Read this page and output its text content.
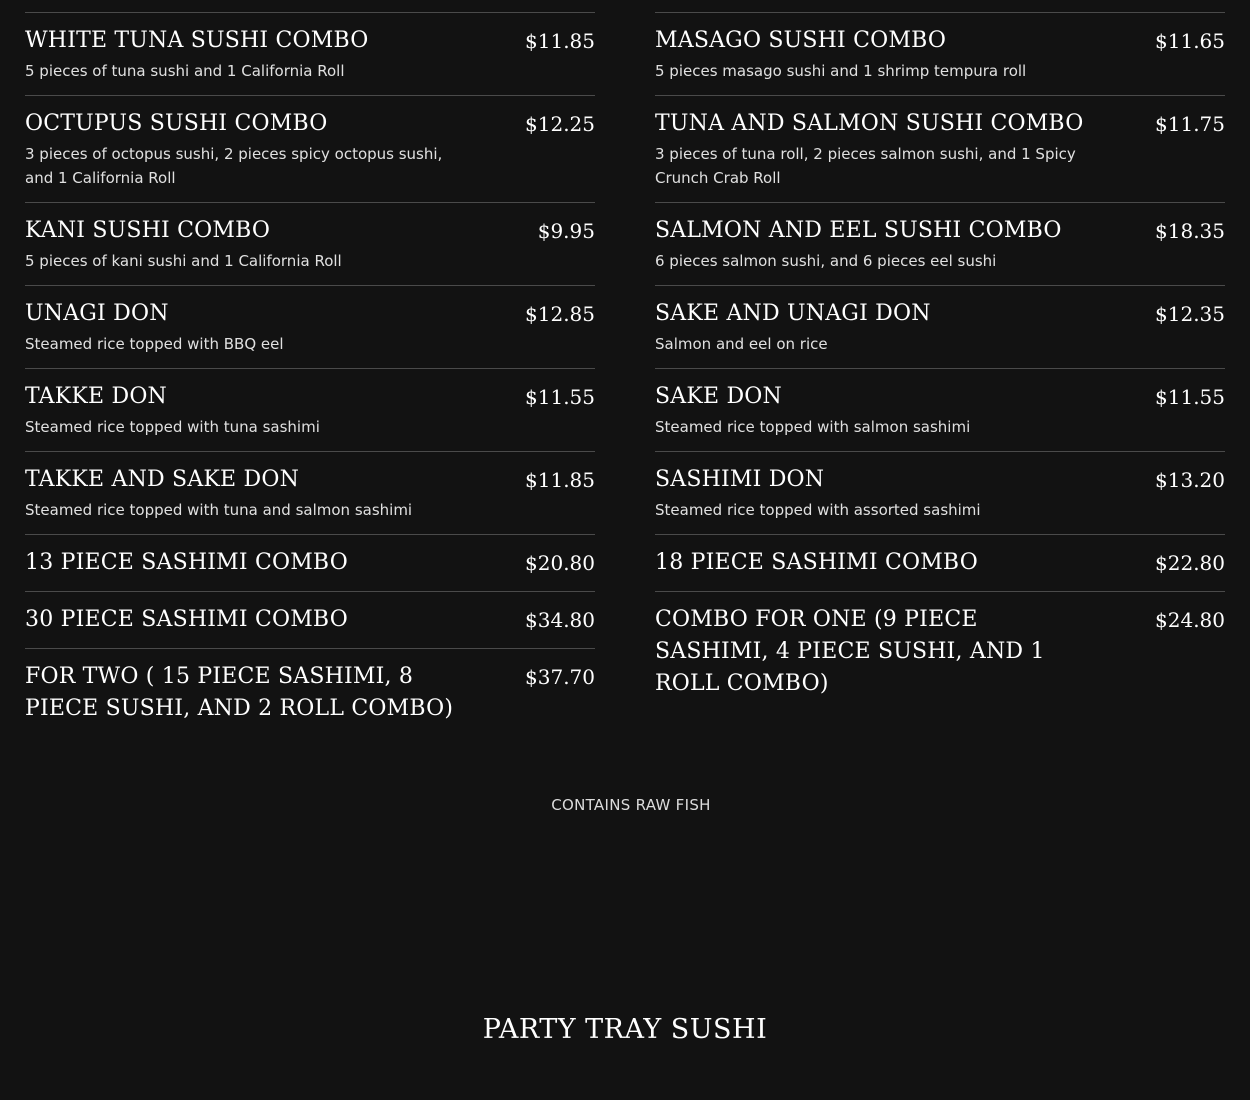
WHITE TUNA SUSHI COMBO	$11.85
5 pieces of tuna sushi and 1 California Roll
OCTUPUS SUSHI COMBO	$12.25
3 pieces of octopus sushi, 2 pieces spicy octopus sushi, and 1 California Roll
KANI SUSHI COMBO	$9.95
5 pieces of kani sushi and 1 California Roll
UNAGI DON	$12.85
Steamed rice topped with BBQ eel
TAKKE DON	$11.55
Steamed rice topped with tuna sashimi
TAKKE AND SAKE DON	$11.85
Steamed rice topped with tuna and salmon sashimi
13 PIECE SASHIMI COMBO	$20.80
30 PIECE SASHIMI COMBO	$34.80
FOR TWO ( 15 PIECE SASHIMI, 8 PIECE SUSHI, AND 2 ROLL COMBO)
$37.70
MASAGO SUSHI COMBO	$11.65
5 pieces masago sushi and 1 shrimp tempura roll
TUNA AND SALMON SUSHI COMBO	$11.75
3 pieces of tuna roll, 2 pieces salmon sushi, and 1 Spicy Crunch Crab Roll
SALMON AND EEL SUSHI COMBO	$18.35
6 pieces salmon sushi, and 6 pieces eel sushi
SAKE AND UNAGI DON	$12.35
Salmon and eel on rice
SAKE DON	$11.55
Steamed rice topped with salmon sashimi
SASHIMI DON	$13.20
Steamed rice topped with assorted sashimi
18 PIECE SASHIMI COMBO	$22.80
COMBO FOR ONE (9 PIECE SASHIMI, 4 PIECE SUSHI, AND 1 ROLL COMBO)
$24.80
CONTAINS RAW FISH
PARTY TRAY SUSHI
